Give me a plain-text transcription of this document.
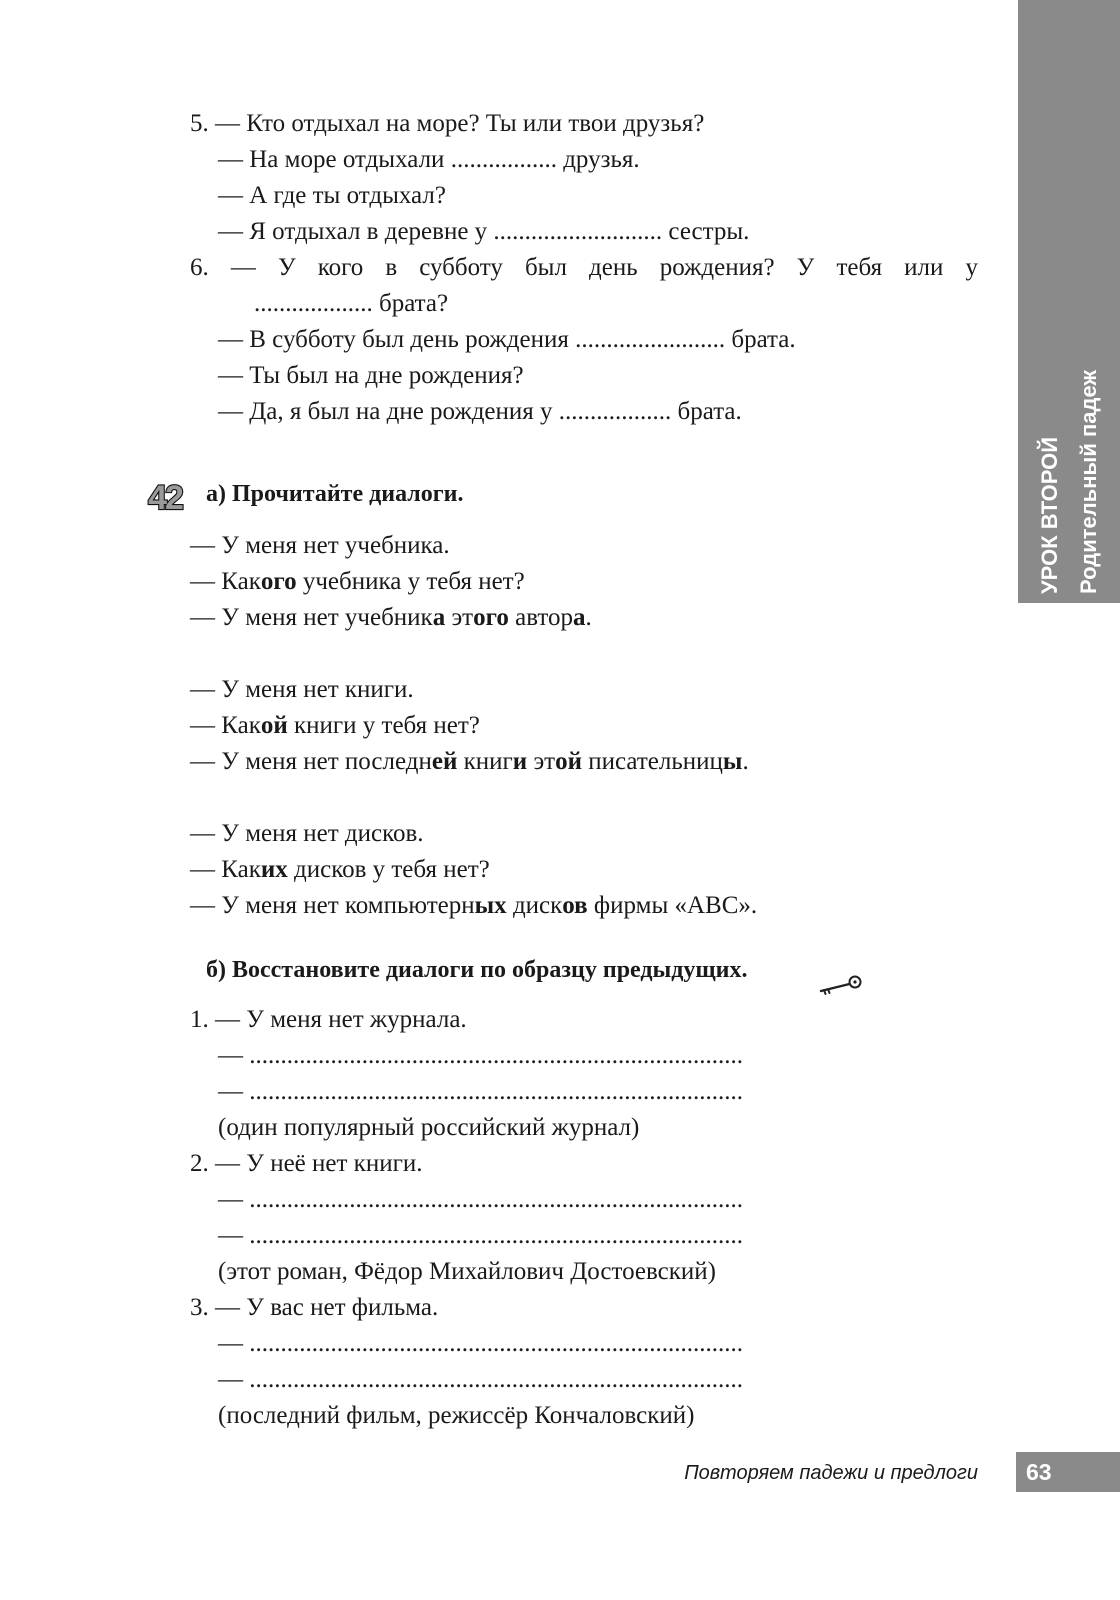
УРОК ВТОРОЙ Родительный падеж
5. — Кто отдыхал на море? Ты или твои друзья?
— На море отдыхали ................. друзья.
— А где ты отдыхал?
— Я отдыхал в деревне у ........................... сестры.
6. — У кого в субботу был день рождения? У тебя или у
................... брата?
— В субботу был день рождения ........................ брата.
— Ты был на дне рождения?
— Да, я был на дне рождения у .................. брата.
42 а) Прочитайте диалоги.
— У меня нет учебника.
— Какого учебника у тебя нет?
— У меня нет учебника этого автора.
— У меня нет книги.
— Какой книги у тебя нет?
— У меня нет последней книги этой писательницы.
— У меня нет дисков.
— Каких дисков у тебя нет?
— У меня нет компьютерных дисков фирмы «АВС».
б) Восстановите диалоги по образцу предыдущих.
1. — У меня нет журнала.
— ...............................................................................
— ...............................................................................
(один популярный российский журнал)
2. — У неё нет книги.
— ...............................................................................
— ...............................................................................
(этот роман, Фёдор Михайлович Достоевский)
3. — У вас нет фильма.
— ...............................................................................
— ...............................................................................
(последний фильм, режиссёр Кончаловский)
Повторяем падежи и предлоги 63
